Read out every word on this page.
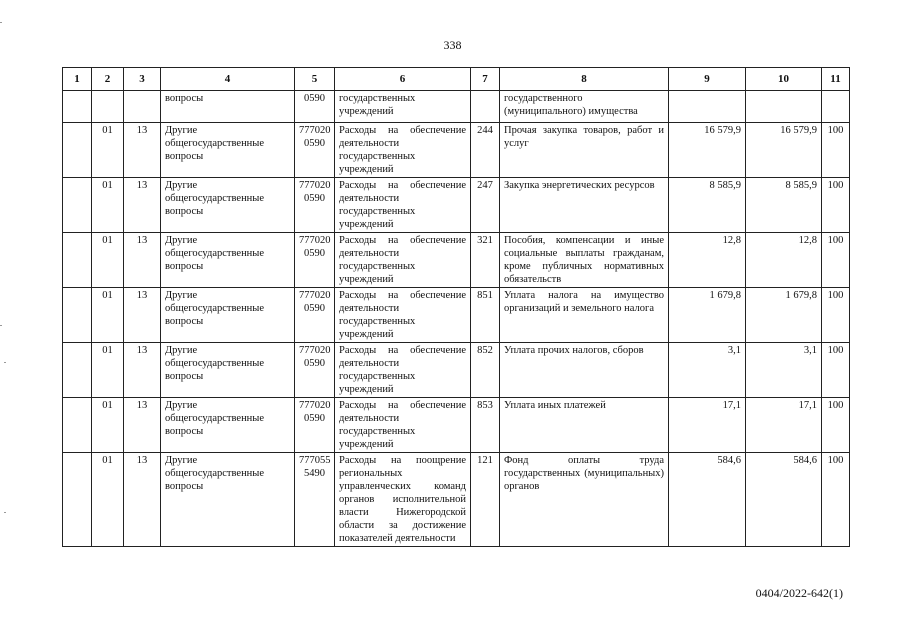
338
1	2	3	4	5	6	7	8	9	10	11
			вопросы	0590	государственных учреждений		государственного (муниципального) имущества			
	01	13	Другие общегосударственные вопросы	777020 0590	Расходы на обеспечение деятельности государственных учреждений	244	Прочая закупка товаров, работ и услуг	16 579,9	16 579,9	100
	01	13	Другие общегосударственные вопросы	777020 0590	Расходы на обеспечение деятельности государственных учреждений	247	Закупка энергетических ресурсов	8 585,9	8 585,9	100
	01	13	Другие общегосударственные вопросы	777020 0590	Расходы на обеспечение деятельности государственных учреждений	321	Пособия, компенсации и иные социальные выплаты гражданам, кроме публичных нормативных обязательств	12,8	12,8	100
	01	13	Другие общегосударственные вопросы	777020 0590	Расходы на обеспечение деятельности государственных учреждений	851	Уплата налога на имущество организаций и земельного налога	1 679,8	1 679,8	100
	01	13	Другие общегосударственные вопросы	777020 0590	Расходы на обеспечение деятельности государственных учреждений	852	Уплата прочих налогов, сборов	3,1	3,1	100
	01	13	Другие общегосударственные вопросы	777020 0590	Расходы на обеспечение деятельности государственных учреждений	853	Уплата иных платежей	17,1	17,1	100
	01	13	Другие общегосударственные вопросы	777055 5490	Расходы на поощрение региональных управленческих команд органов исполнительной власти Нижегородской области за достижение показателей деятельности	121	Фонд оплаты труда государственных (муниципальных) органов	584,6	584,6	100
0404/2022-642(1)
